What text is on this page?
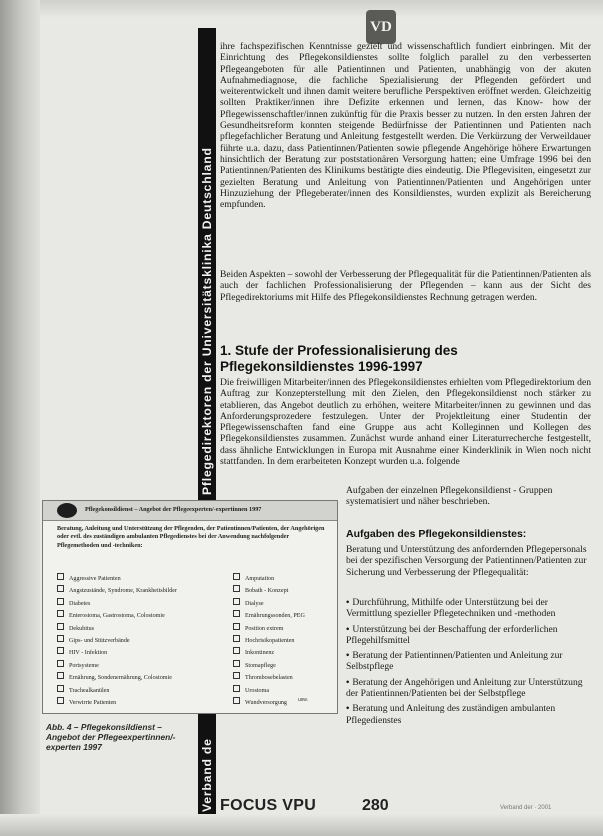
Pflegedirektoren der Universitätsklinika Deutschland
Verband de
VD
ihre fachspezifischen Kenntnisse gezielt und wissenschaftlich fundiert einbringen. Mit der Einrichtung des Pflegekonsildienstes sollte folglich parallel zu den verbesserten Pflegeangeboten für alle Patientinnen und Patienten, unabhängig von der akuten Aufnahmediagnose, die fachliche Spezialisierung der Pflegenden gefördert und weiterentwickelt und ihnen damit weitere berufliche Perspektiven eröffnet werden. Gleichzeitig sollten Praktiker/innen ihre Defizite erkennen und lernen, das Know- how der Pflegewissenschaftler/innen zukünftig für die Praxis besser zu nutzen. In den ersten Jahren der Gesundheitsreform konnten steigende Bedürfnisse der Patientinnen und Patienten nach pflegefachlicher Beratung und Anleitung festgestellt werden. Die Verkürzung der Verweildauer führte u.a. dazu, dass Patientinnen/Patienten sowie pflegende Angehörige höhere Erwartungen hinsichtlich der Beratung zur poststationären Versorgung hatten; eine Umfrage 1996 bei den Patientinnen/Patienten des Klinikums bestätigte dies eindeutig. Die Pflegevisiten, eingesetzt zur gezielten Beratung und Anleitung von Patientinnen/Patienten und Angehörigen unter Hinzuziehung der Pflegeberater/innen des Konsildienstes, wurden explizit als Bereicherung empfunden.
Beiden Aspekten – sowohl der Verbesserung der Pflegequalität für die Patientinnen/Patienten als auch der fachlichen Professionalisierung der Pflegenden – kann aus der Sicht des Pflegedirektoriums mit Hilfe des Pflegekonsildienstes Rechnung getragen werden.
1. Stufe der Professionalisierung des Pflegekonsildienstes 1996-1997
Die freiwilligen Mitarbeiter/innen des Pflegekonsildienstes erhielten vom Pflegedirektorium den Auftrag zur Konzepterstellung mit den Zielen, den Pflegekonsildienst noch stärker zu etablieren, das Angebot deutlich zu erhöhen, weitere Mitarbeiter/innen zu gewinnen und das Anforderungsprozedere festzulegen. Unter der Projektleitung einer Studentin der Pflegewissenschaften fand eine Gruppe aus acht Kolleginnen und Kollegen des Pflegekonsildienstes zusammen. Zunächst wurde anhand einer Literaturrecherche festgestellt, dass ähnliche Entwicklungen in Europa mit Ausnahme einer Kinderklinik in Wien noch nicht stattfanden. In dem erarbeiteten Konzept wurden u.a. folgende
Aufgaben der einzelnen Pflegekonsildienst - Gruppen systematisiert und näher beschrieben.
Aufgaben des Pflegekonsildienstes:
Beratung und Unterstützung des anfordernden Pflegepersonals bei der spezifischen Versorgung der Patientinnen/Patienten zur Sicherung und Verbesserung der Pflegequalität:
• Durchführung, Mithilfe oder Unterstützung bei der Vermittlung spezieller Pflegetechniken und -methoden
• Unterstützung bei der Beschaffung der erforderlichen Pflegehilfsmittel
• Beratung der Patientinnen/Patienten und Anleitung zur Selbstpflege
• Beratung der Angehörigen und Anleitung zur Unterstützung der Patientinnen/Patienten bei der Selbstpflege
• Beratung und Anleitung des zuständigen ambulanten Pflegedienstes
Pflegekonsildienst – Angebot der Pflegeexperten/-expertinnen 1997
Beratung, Anleitung und Unterstützung der Pflegenden, der Patientinnen/Patienten, der Angehörigen oder evtl. des zuständigen ambulanten Pflegedienstes bei der Anwendung nachfolgender Pflegemethoden und -techniken:
Aggressive Patienten
Angstzustände, Syndrome, Krankheitsbilder
Diabetes
Enterostoma, Gastrostoma, Colostomie
Dekubitus
Gips- und Stützverbände
HIV - Infektion
Portsysteme
Ernährung, Sondenernährung, Colostomie
Trachealkanülen
Verwirrte Patienten
Amputation
Bobath - Konzept
Dialyse
Ernährungssonden, PEG
Position extrem
Hochrisikopatienten
Inkontinenz
Stomapflege
Thrombosebelasten
Urostoma
Wundversorgung
usw.
Abb. 4 – Pflegekonsildienst – Angebot der Pflegeexpertinnen/-experten 1997
FOCUS VPU	280	Verband der · 2001
